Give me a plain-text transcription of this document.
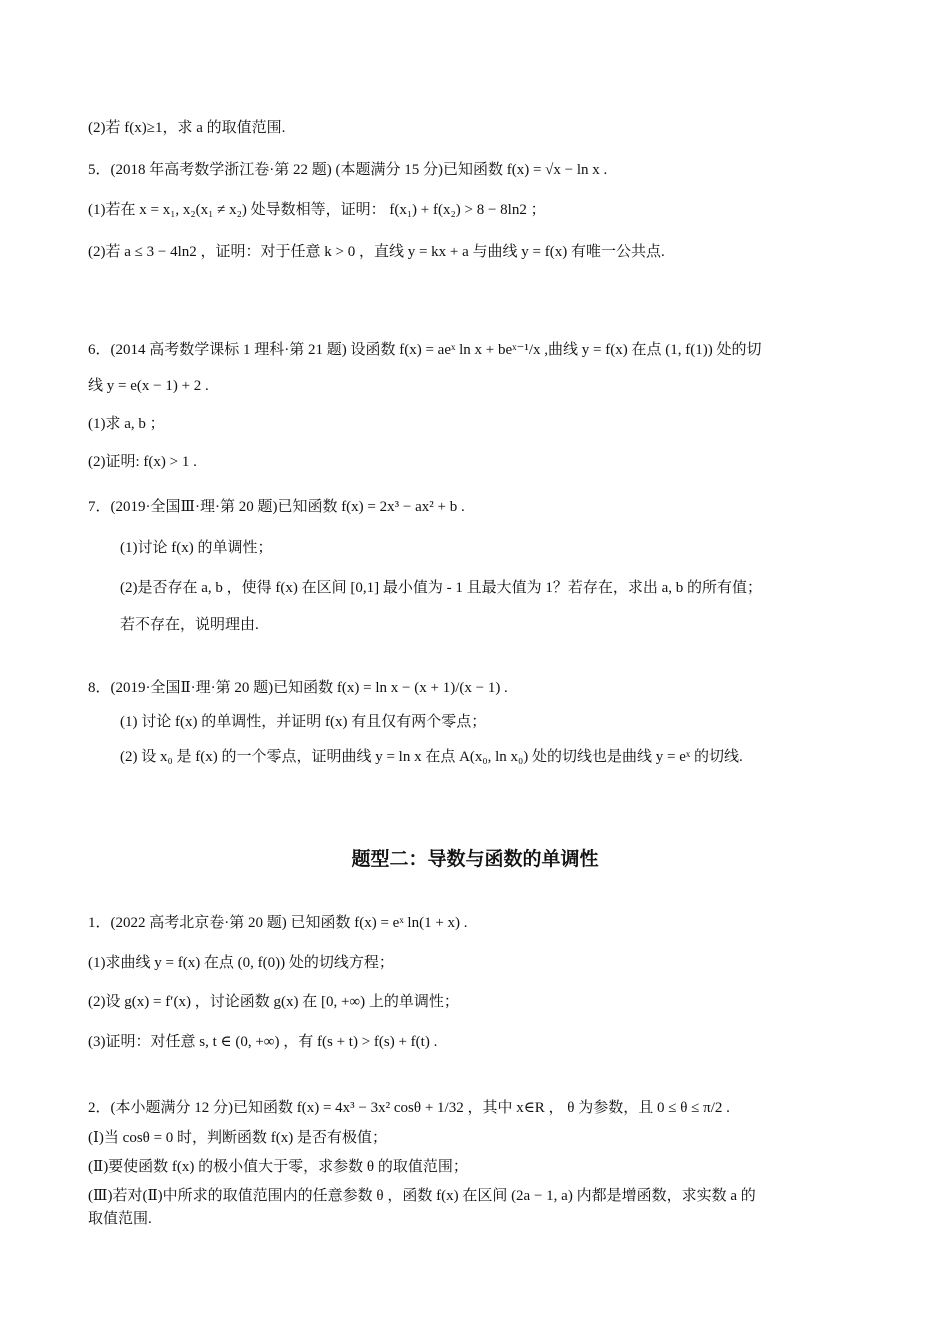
(2)若 f(x)≥1，求 a 的取值范围.
5．(2018 年高考数学浙江卷·第 22 题) (本题满分 15 分)已知函数 f(x) = √x − ln x .
(1)若在 x = x₁, x₂(x₁ ≠ x₂) 处导数相等，证明： f(x₁) + f(x₂) > 8 − 8ln2 ；
(2)若 a ≤ 3 − 4ln2 ，证明：对于任意 k > 0 ，直线 y = kx + a 与曲线 y = f(x) 有唯一公共点.
6．(2014 高考数学课标 1 理科·第 21 题) 设函数 f(x) = aeˣ ln x + beˣ⁻¹/x ,曲线 y = f(x) 在点 (1, f(1)) 处的切
线 y = e(x − 1) + 2 .
(1)求 a, b ；
(2)证明: f(x) > 1 .
7．(2019·全国Ⅲ·理·第 20 题)已知函数 f(x) = 2x³ − ax² + b .
(1)讨论 f(x) 的单调性；
(2)是否存在 a, b ，使得 f(x) 在区间 [0,1] 最小值为 - 1 且最大值为 1？若存在，求出 a, b 的所有值；
若不存在，说明理由.
8．(2019·全国Ⅱ·理·第 20 题)已知函数 f(x) = ln x − (x + 1)/(x − 1) .
(1) 讨论 f(x) 的单调性，并证明 f(x) 有且仅有两个零点；
(2) 设 x₀ 是 f(x) 的一个零点，证明曲线 y = ln x 在点 A(x₀, ln x₀) 处的切线也是曲线 y = eˣ 的切线.
1．(2022 高考北京卷·第 20 题) 已知函数 f(x) = eˣ ln(1 + x) .
(1)求曲线 y = f(x) 在点 (0, f(0)) 处的切线方程；
(2)设 g(x) = f′(x) ，讨论函数 g(x) 在 [0, +∞) 上的单调性；
(3)证明：对任意 s, t ∈ (0, +∞) ，有 f(s + t) > f(s) + f(t) .
2．(本小题满分 12 分)已知函数 f(x) = 4x³ − 3x² cosθ + 1/32 ，其中 x∈R ， θ 为参数，且 0 ≤ θ ≤ π/2 .
(Ⅰ)当 cosθ = 0 时，判断函数 f(x) 是否有极值；
(Ⅱ)要使函数 f(x) 的极小值大于零，求参数 θ 的取值范围；
(Ⅲ)若对(Ⅱ)中所求的取值范围内的任意参数 θ ，函数 f(x) 在区间 (2a − 1, a) 内都是增函数，求实数 a 的
取值范围.
题型二：导数与函数的单调性
